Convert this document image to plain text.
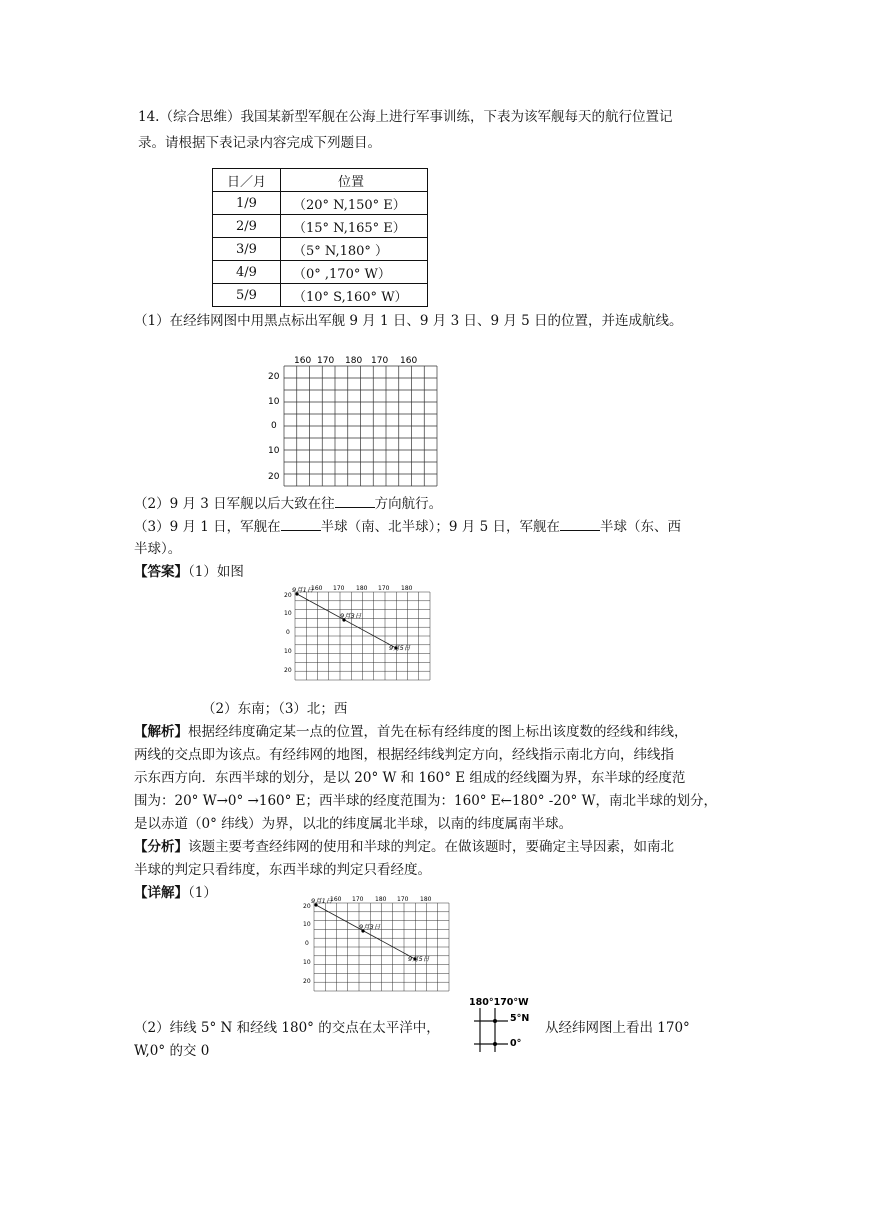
14.（综合思维）我国某新型军舰在公海上进行军事训练，下表为该军舰每天的航行位置记
录。请根据下表记录内容完成下列题目。
日／月	位置
1/9	（20° N,150° E）
2/9	（15° N,165° E）
3/9	（5° N,180° ）
4/9	（0° ,170° W）
5/9	（10° S,160° W）
（1）在经纬网图中用黑点标出军舰 9 月 1 日、9 月 3 日、9 月 5 日的位置，并连成航线。
160 170 180 170 160
20
10
0
10
20
（2）9 月 3 日军舰以后大致在往	方向航行。
（3）9 月 1 日，军舰在	半球（南、北半球）；9 月 5 日，军舰在	半球（东、西
半球）。
【答案】（1）如图
160 170 180 170 180
20
10
0
10
20
9月1日
9月3日
9月5日
（2）东南；（3）北；西
【解析】根据经纬度确定某一点的位置，首先在标有经纬度的图上标出该度数的经线和纬线，
两线的交点即为该点。有经纬网的地图，根据经纬线判定方向，经线指示南北方向，纬线指
示东西方向．东西半球的划分，是以 20° W 和 160° E 组成的经线圈为界，东半球的经度范
围为：20° W→0° →160° E；西半球的经度范围为：160° E←180° -20° W，南北半球的划分，
是以赤道（0° 纬线）为界，以北的纬度属北半球，以南的纬度属南半球。
【分析】该题主要考查经纬网的使用和半球的判定。在做该题时，要确定主导因素，如南北
半球的判定只看纬度，东西半球的判定只看经度。
【详解】（1）	160 170 180 170 180
20
10
0
10
20
9月1日
9月3日
9月5日
（2）纬线 5° N 和经线 180° 的交点在太平洋中，
180°170°W
5°N
0°
从经纬网图上看出 170°
W,0° 的交 0
